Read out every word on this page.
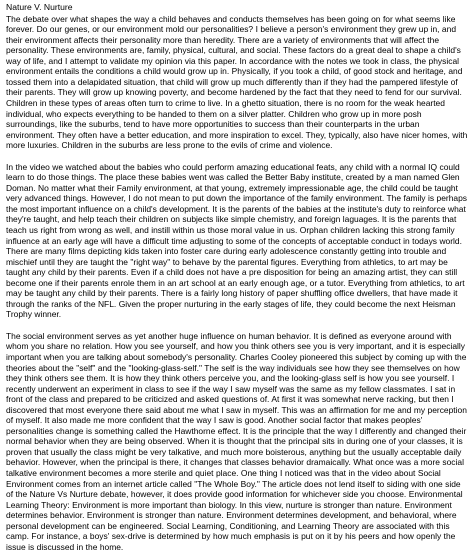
Nature V. Nurture

The debate over what shapes the way a child behaves and conducts themselves has been going on for what seems like forever. Do our genes, or our environment mold our personalities? I believe a person's environment they grew up in, and their environment affects their personality more than heredity. There are a variety of environments that will affect the personality. These environments are, family, physical, cultural, and social. These factors do a great deal to shape a child's way of life, and I attempt to validate my opinion via this paper. In accordance with the notes we took in class, the physical environment entails the conditions a child would grow up in. Physically, if you took a child, of good stock and heritage, and tossed them into a delapidated situation, that child will grow up much differently than if they had the pampered lifestyle of their parents. They will grow up knowing poverty, and become hardened by the fact that they need to fend for our survival. Children in these types of areas often turn to crime to live. In a ghetto situation, there is no room for the weak hearted individual, who expects everything to be handed to them on a silver platter. Children who grow up in more posh surroundings, like the suburbs, tend to have more opportunities to success than their counterparts in the urban environment. They often have a better education, and more inspiration to excel. They, typically, also have nicer homes, with more luxuries. Children in the suburbs are less prone to the evils of crime and violence.

In the video we watched about the babies who could perform amazing educational feats, any child with a normal IQ could learn to do those things. The place these babies went was called the Better Baby institute, created by a man named Glen Doman. No matter what their Family environment, at that young, extremely impressionable age, the child could be taught very advanced things. However, I do not mean to put down the importance of the family environment. The family is perhaps the most important influence on a child's development. It is the parents of the babies at the institute's duty to reinforce what they're taught, and help teach their children on subjects like simple chemistry, and foreign laguages. It is the parents that teach us right from wrong as well, and instill within us those moral value in us. Orphan children lacking this strong family influence at an early age will have a difficult time adjusting to some of the concepts of acceptable conduct in todays world. There are many films depicting kids taken into foster care during early adolescence constantly getting into trouble and mischief until they are taught the "right way" to behave by the parental figures. Everything from athletics, to art may be taught any child by their parents. Even if a child does not have a pre disposition for being an amazing artist, they can still become one if their parents enrole them in an art school at an early enough age, or a tutor. Everything from athletics, to art may be taught any child by their parents. There is a fairly long history of paper shuffling office dwellers, that have made it through the ranks of the NFL. Given the proper nurturing in the early stages of life, they could become the next Heisman Trophy winner.

The social environment serves as yet another huge influence on human behavior. It is defined as everyone around with whom you share no relation. How you see yourself, and how you think others see you is very important, and it is especially important when you are talking about somebody's personality. Charles Cooley pioneered this subject by coming up with the theories about the "self" and the "looking-glass-self." The self is the way individuals see how they see themselves on how they think others see them. It is how they think others perceive you, and the looking-glass self is how you see yourself. I recently underwent an experiment in class to see if the way I saw myself was the same as my fellow classmates. I sat in front of the class and prepared to be criticized and asked questions of. At first it was somewhat nerve racking, but then I discovered that most everyone there said about me what I saw in myself. This was an affirmation for me and my perception of myself. It also made me more confident that the way I saw is good. Another social factor that makes peoples' personalities change is something called the Hawthorne effect. It is the principle that the way I differently and changed their normal behavior when they are being observed. When it is thought that the principal sits in during one of your classes, it is proven that usually the class might be very talkative, and much more boisterous, anything but the usually acceptable daily behavior. However, when the principal is there, it changes that classes behavior dramaically. What once was a more social talkative environment becomes a more sterile and quiet place. One thing I noticed was that in the video about Social Environment comes from an internet article called "The Whole Boy." The article does not lend itself to siding with one side of the Nature Vs Nurture debate, however, it does provide good information for whichever side you choose. Environmental Learning Theory: Environment is more important than biology. In this view, nurture is stronger than nature. Environment determines behavior. Environment is stronger than nature. Environment determines development, and behavioral, where personal development can be engineered. Social Learning, Conditioning, and Learning Theory are associated with this camp. For instance, a boys' sex-drive is determined by how much emphasis is put on it by his peers and how openly the issue is discussed in the home.
